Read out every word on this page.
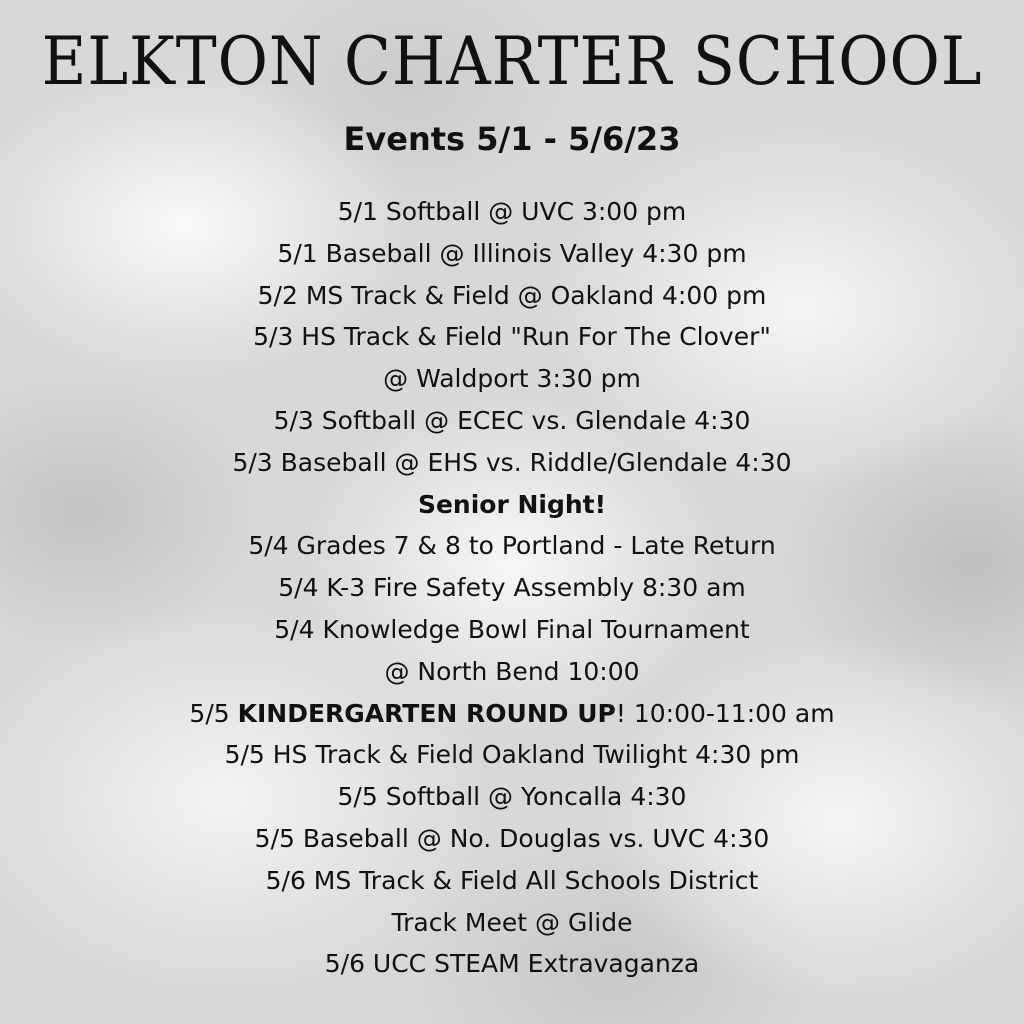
ELKTON CHARTER SCHOOL
Events 5/1 - 5/6/23
5/1 Softball @ UVC 3:00 pm
5/1 Baseball @ Illinois Valley 4:30 pm
5/2 MS Track & Field @ Oakland 4:00 pm
5/3 HS Track & Field "Run For The Clover"
@ Waldport 3:30 pm
5/3 Softball @ ECEC vs. Glendale 4:30
5/3 Baseball @ EHS vs. Riddle/Glendale 4:30
Senior Night!
5/4 Grades 7 & 8 to Portland - Late Return
5/4 K-3 Fire Safety Assembly 8:30 am
5/4 Knowledge Bowl Final Tournament
@ North Bend 10:00
5/5 KINDERGARTEN ROUND UP! 10:00-11:00 am
5/5 HS Track & Field Oakland Twilight 4:30 pm
5/5 Softball @ Yoncalla 4:30
5/5 Baseball @ No. Douglas vs. UVC 4:30
5/6 MS Track & Field All Schools District
Track Meet @ Glide
5/6 UCC STEAM Extravaganza
